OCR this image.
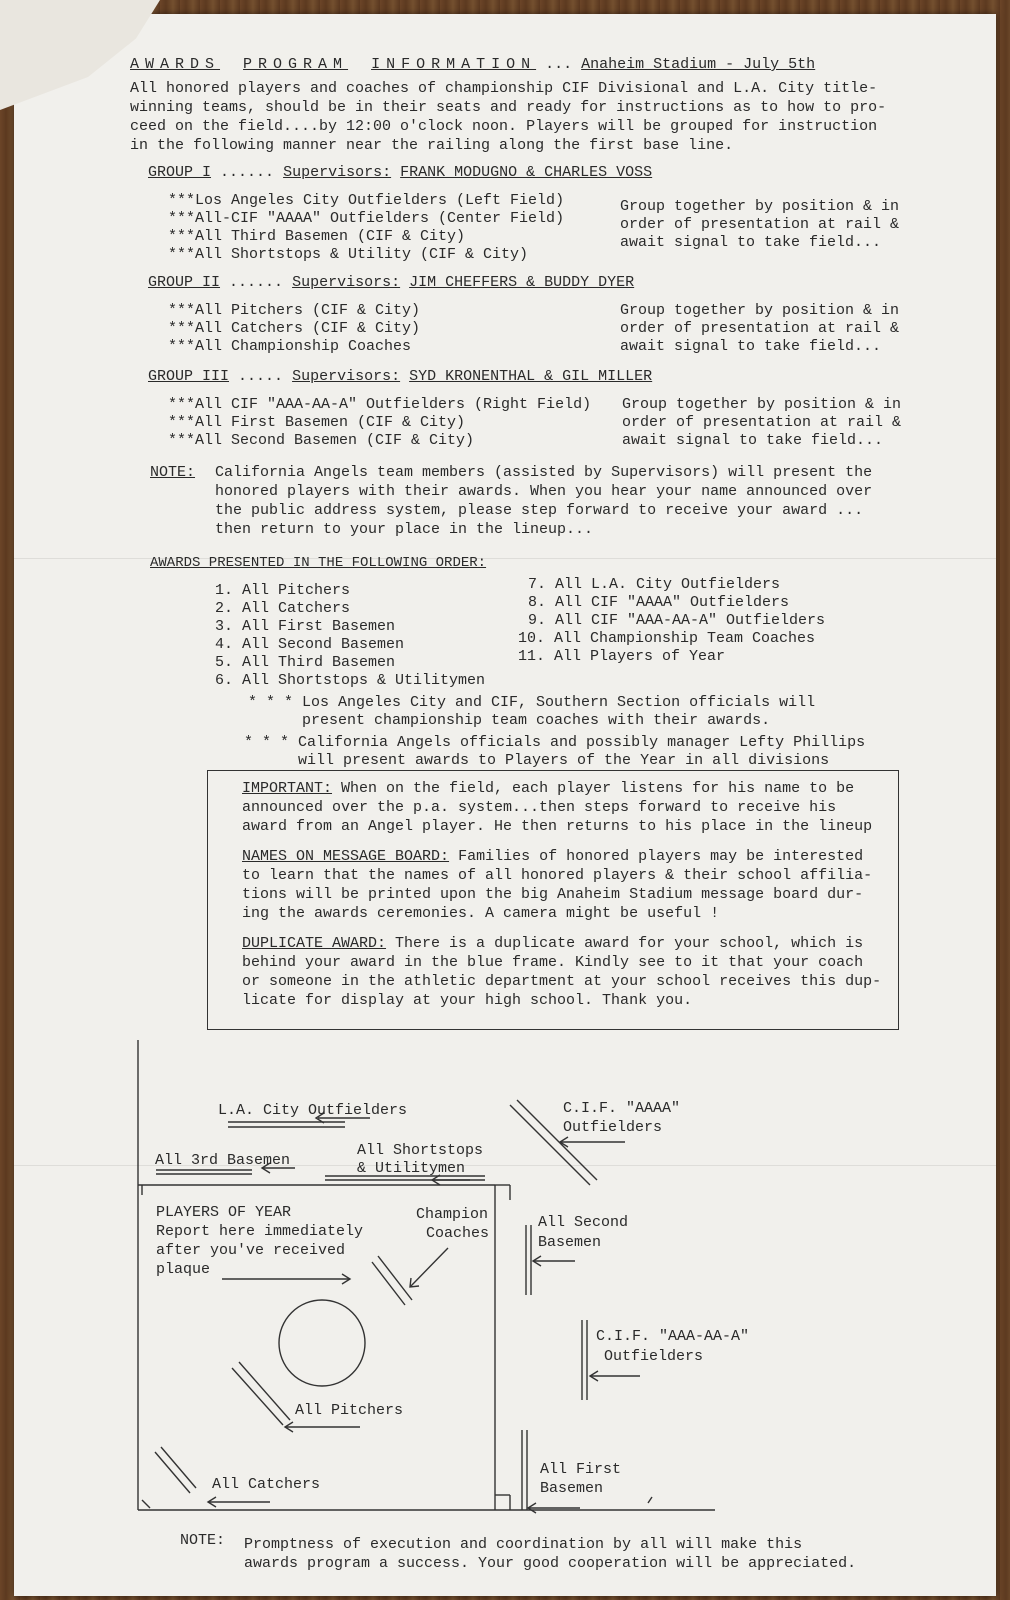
AWARDS PROGRAM INFORMATION ... Anaheim Stadium - July 5th
All honored players and coaches of championship CIF Divisional and L.A. City title-
winning teams, should be in their seats and ready for instructions as to how to pro-
ceed on the field....by 12:00 o'clock noon. Players will be grouped for instruction
in the following manner near the railing along the first base line.
GROUP I ...... Supervisors: FRANK MODUGNO & CHARLES VOSS
***Los Angeles City Outfielders (Left Field)
***All-CIF "AAAA" Outfielders (Center Field)
***All Third Basemen (CIF & City)
***All Shortstops & Utility (CIF & City)
Group together by position & in
order of presentation at rail &
await signal to take field...
GROUP II ...... Supervisors: JIM CHEFFERS & BUDDY DYER
***All Pitchers (CIF & City)
***All Catchers (CIF & City)
***All Championship Coaches
Group together by position & in
order of presentation at rail &
await signal to take field...
GROUP III ..... Supervisors: SYD KRONENTHAL & GIL MILLER
***All CIF "AAA-AA-A" Outfielders (Right Field)
***All First Basemen (CIF & City)
***All Second Basemen (CIF & City)
Group together by position & in
order of presentation at rail &
await signal to take field...
NOTE: California Angels team members (assisted by Supervisors) will present the
honored players with their awards. When you hear your name announced over
the public address system, please step forward to receive your award ...
then return to your place in the lineup...
AWARDS PRESENTED IN THE FOLLOWING ORDER:
1. All Pitchers
2. All Catchers
3. All First Basemen
4. All Second Basemen
5. All Third Basemen
6. All Shortstops & Utilitymen
7. All L.A. City Outfielders
8. All CIF "AAAA" Outfielders
9. All CIF "AAA-AA-A" Outfielders
10. All Championship Team Coaches
11. All Players of Year
* * * Los Angeles City and CIF, Southern Section officials will
present championship team coaches with their awards.
* * * California Angels officials and possibly manager Lefty Phillips
will present awards to Players of the Year in all divisions
IMPORTANT: When on the field, each player listens for his name to be
announced over the p.a. system...then steps forward to receive his
award from an Angel player. He then returns to his place in the lineup
NAMES ON MESSAGE BOARD: Families of honored players may be interested
to learn that the names of all honored players & their school affilia-
tions will be printed upon the big Anaheim Stadium message board dur-
ing the awards ceremonies. A camera might be useful !
DUPLICATE AWARD: There is a duplicate award for your school, which is
behind your award in the blue frame. Kindly see to it that your coach
or someone in the athletic department at your school receives this dup-
licate for display at your high school. Thank you.
L.A. City Outfielders	C.I.F. "AAAA"
Outfielders
All 3rd Basemen
All Shortstops
& Utilitymen
PLAYERS OF YEAR
Report here immediately
after you've received
plaque
Champion
Coaches
All Second
Basemen
C.I.F. "AAA-AA-A"
Outfielders
All Pitchers
All Catchers
All First
Basemen
NOTE: Promptness of execution and coordination by all will make this
awards program a success. Your good cooperation will be appreciated.
